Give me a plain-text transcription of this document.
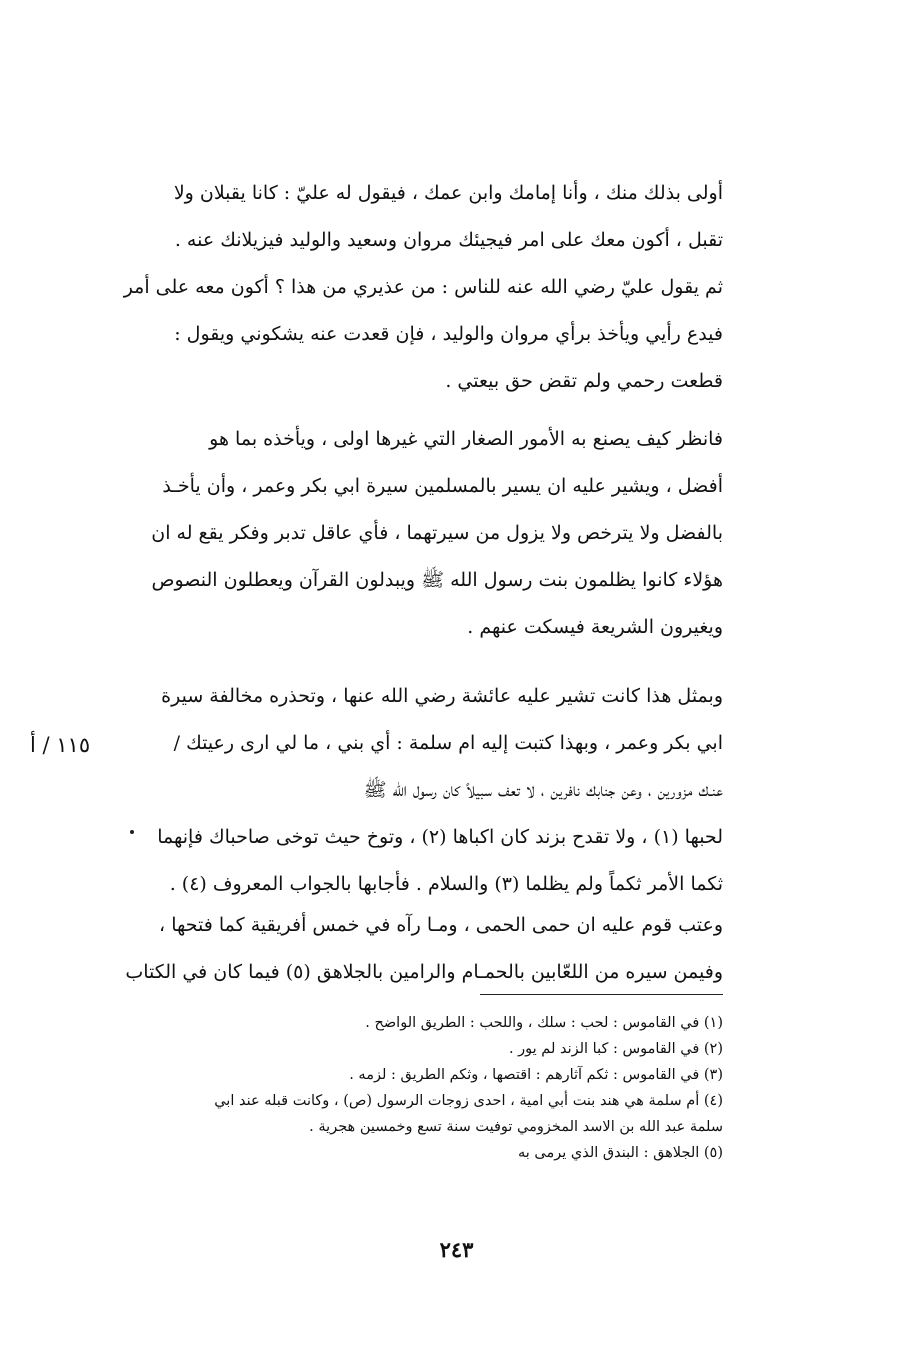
أولى بذلك منك ، وأنا إمامك وابن عمك ، فيقول له عليّ : كانا يقبلان ولا
تقبل ، أكون معك على امر فيجيئك مروان وسعيد والوليد فيزيلانك عنه .
ثم يقول عليّ رضي الله عنه للناس : من عذيري من هذا ؟ أكون معه على أمر
فيدع رأيي ويأخذ برأي مروان والوليد ، فإن قعدت عنه يشكوني ويقول :
قطعت رحمي ولم تقض حق بيعتي .
فانظر كيف يصنع به الأمور الصغار التي غيرها اولى ، ويأخذه بما هو
أفضل ، ويشير عليه ان يسير بالمسلمين سيرة ابي بكر وعمر ، وأن يأخـذ
بالفضل ولا يترخص ولا يزول من سيرتهما ، فأي عاقل تدبر وفكر يقع له ان
هؤلاء كانوا يظلمون بنت رسول الله ﷺ ويبدلون القرآن ويعطلون النصوص
ويغيرون الشريعة فيسكت عنهم .
وبمثل هذا كانت تشير عليه عائشة رضي الله عنها ، وتحذره مخالفة سيرة
ابي بكر وعمر ، وبهذا كتبت إليه ام سلمة : أي بني ، ما لي ارى رعيتك /
عنـك مزورين ، وعن جنابك نافرين ، لا تعف سبيلاً كان رسول الله ﷺ
لحبها (١) ، ولا تقدح بزند كان اكباها (٢) ، وتوخ حيث توخى صاحباك فإنهما
ثكما الأمر ثكماً ولم يظلما (٣) والسلام . فأجابها بالجواب المعروف (٤) .
وعتب قوم عليه ان حمى الحمى ، ومـا رآه في خمس أفريقية كما فتحها ،
وفيمن سيره من اللعّابين بالحمـام والرامين بالجلاهق (٥) فيما كان في الكتاب
١١٥ / أ
(١) في القاموس : لحب : سلك ، واللحب : الطريق الواضح .
(٢) في القاموس : كبا الزند لم يور .
(٣) في القاموس : ثكم آثارهم : اقتصها ، وثكم الطريق : لزمه .
(٤) أم سلمة هي هند بنت أبي امية ، احدى زوجات الرسول (ص) ، وكانت قبله عند ابي
سلمة عبد الله بن الاسد المخزومي توفيت سنة تسع وخمسين هجرية .
(٥) الجلاهق : البندق الذي يرمى به
٢٤٣
